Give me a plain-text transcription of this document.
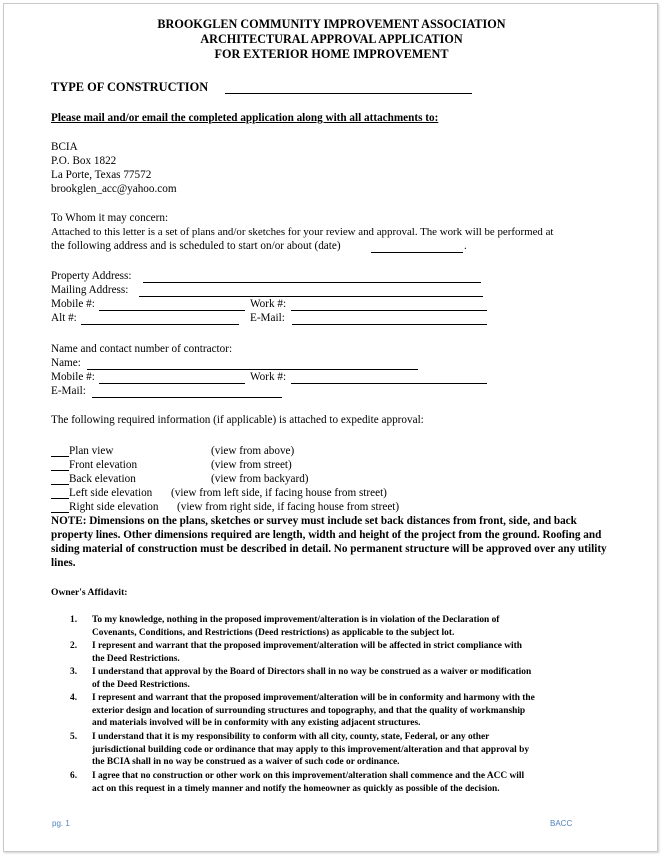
BROOKGLEN COMMUNITY IMPROVEMENT ASSOCIATION
ARCHITECTURAL APPROVAL APPLICATION
FOR EXTERIOR HOME IMPROVEMENT
TYPE OF CONSTRUCTION
Please mail and/or email the completed application along with all attachments to:
BCIA
P.O. Box 1822
La Porte, Texas 77572
brookglen_acc@yahoo.com
To Whom it may concern:
Attached to this letter is a set of plans and/or sketches for your review and approval. The work will be performed at
the following address and is scheduled to start on/or about (date)	.
Property Address:
Mailing Address:
Mobile #:	Work #:
Alt #:	E-Mail:
Name and contact number of contractor:
Name:
Mobile #:	Work #:
E-Mail:
The following required information (if applicable) is attached to expedite approval:
Plan view	(view from above)
Front elevation	(view from street)
Back elevation	(view from backyard)
Left side elevation (view from left side, if facing house from street)
Right side elevation (view from right side, if facing house from street)
NOTE: Dimensions on the plans, sketches or survey must include set back distances from front, side, and back property lines. Other dimensions required are length, width and height of the project from the ground. Roofing and siding material of construction must be described in detail. No permanent structure will be approved over any utility lines.
Owner's Affidavit:
1. To my knowledge, nothing in the proposed improvement/alteration is in violation of the Declaration of
Covenants, Conditions, and Restrictions (Deed restrictions) as applicable to the subject lot.
2. I represent and warrant that the proposed improvement/alteration will be affected in strict compliance with
the Deed Restrictions.
3. I understand that approval by the Board of Directors shall in no way be construed as a waiver or modification
of the Deed Restrictions.
4. I represent and warrant that the proposed improvement/alteration will be in conformity and harmony with the
exterior design and location of surrounding structures and topography, and that the quality of workmanship
and materials involved will be in conformity with any existing adjacent structures.
5. I understand that it is my responsibility to conform with all city, county, state, Federal, or any other
jurisdictional building code or ordinance that may apply to this improvement/alteration and that approval by
the BCIA shall in no way be construed as a waiver of such code or ordinance.
6. I agree that no construction or other work on this improvement/alteration shall commence and the ACC will
act on this request in a timely manner and notify the homeowner as quickly as possible of the decision.
pg. 1	BACC
